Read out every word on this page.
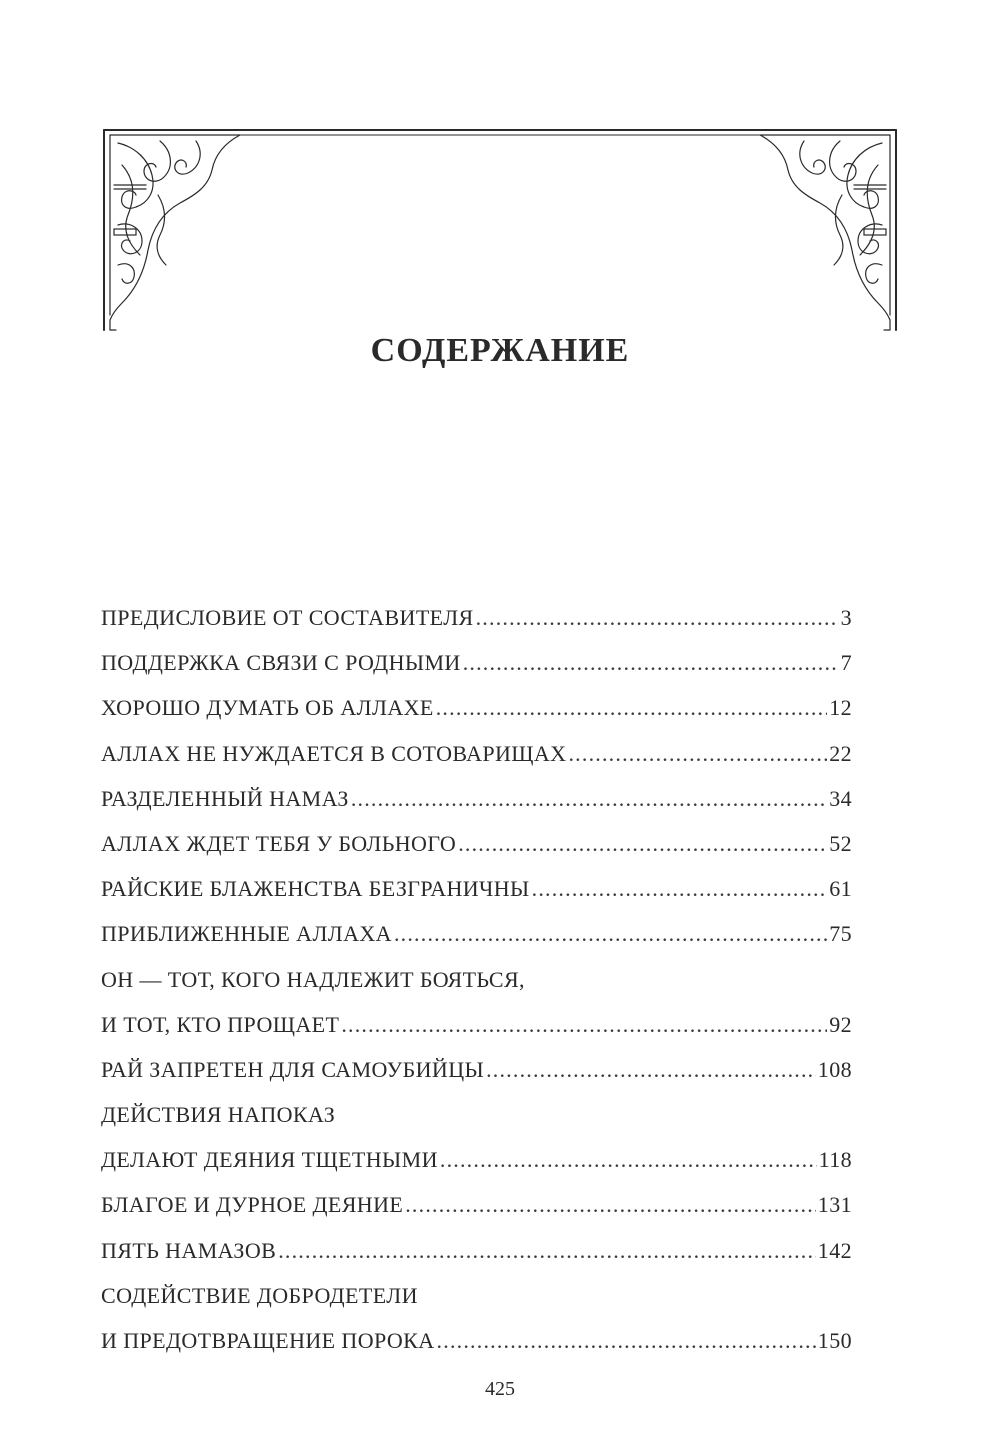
СОДЕРЖАНИЕ
ПРЕДИСЛОВИЕ ОТ СОСТАВИТЕЛЯ .....	3
ПОДДЕРЖКА СВЯЗИ С РОДНЫМИ .....	7
ХОРОШО ДУМАТЬ ОБ АЛЛАХЕ .....	12
АЛЛАХ НЕ НУЖДАЕТСЯ В СОТОВАРИЩАХ .....	22
РАЗДЕЛЕННЫЙ НАМАЗ .....	34
АЛЛАХ ЖДЕТ ТЕБЯ У БОЛЬНОГО .....	52
РАЙСКИЕ БЛАЖЕНСТВА БЕЗГРАНИЧНЫ .....	61
ПРИБЛИЖЕННЫЕ АЛЛАХА .....	75
ОН — ТОТ, КОГО НАДЛЕЖИТ БОЯТЬСЯ,
И ТОТ, КТО ПРОЩАЕТ .....	92
РАЙ ЗАПРЕТЕН ДЛЯ САМОУБИЙЦЫ .....	108
ДЕЙСТВИЯ НАПОКАЗ
ДЕЛАЮТ ДЕЯНИЯ ТЩЕТНЫМИ .....	118
БЛАГОЕ И ДУРНОЕ ДЕЯНИЕ .....	131
ПЯТЬ НАМАЗОВ .....	142
СОДЕЙСТВИЕ ДОБРОДЕТЕЛИ
И ПРЕДОТВРАЩЕНИЕ ПОРОКА .....	150
425
